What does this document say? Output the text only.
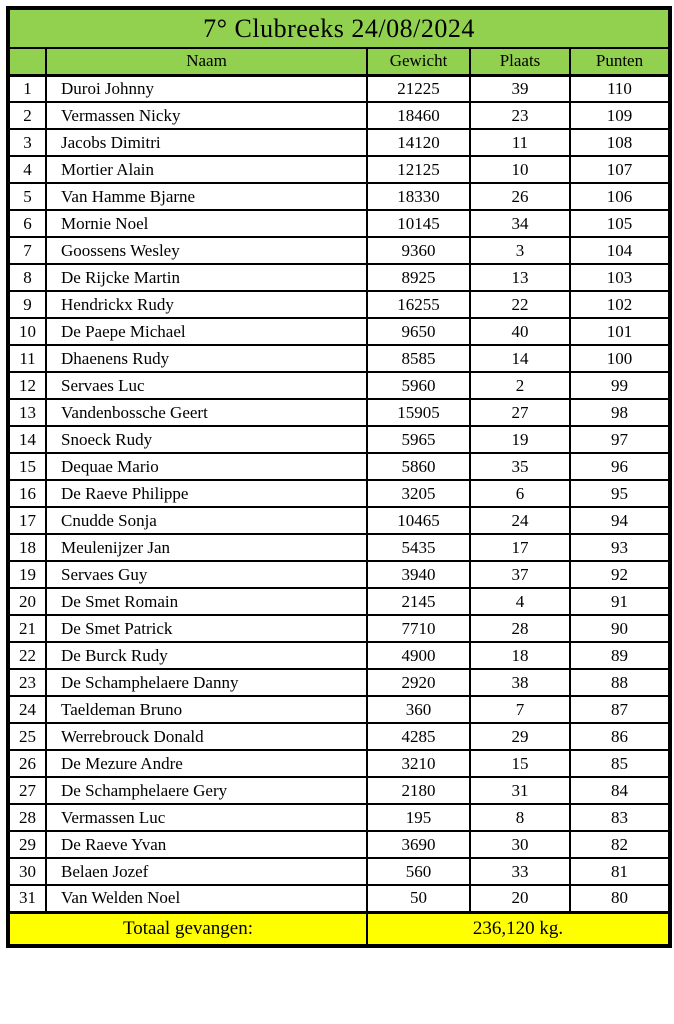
7° Clubreeks 24/08/2024				
	Naam	Gewicht	Plaats	Punten
1	Duroi Johnny	21225	39	110
2	Vermassen Nicky	18460	23	109
3	Jacobs Dimitri	14120	11	108
4	Mortier Alain	12125	10	107
5	Van Hamme Bjarne	18330	26	106
6	Mornie Noel	10145	34	105
7	Goossens Wesley	9360	3	104
8	De Rijcke Martin	8925	13	103
9	Hendrickx Rudy	16255	22	102
10	De Paepe Michael	9650	40	101
11	Dhaenens Rudy	8585	14	100
12	Servaes Luc	5960	2	99
13	Vandenbossche Geert	15905	27	98
14	Snoeck Rudy	5965	19	97
15	Dequae Mario	5860	35	96
16	De Raeve Philippe	3205	6	95
17	Cnudde Sonja	10465	24	94
18	Meulenijzer Jan	5435	17	93
19	Servaes Guy	3940	37	92
20	De Smet Romain	2145	4	91
21	De Smet Patrick	7710	28	90
22	De Burck Rudy	4900	18	89
23	De Schamphelaere Danny	2920	38	88
24	Taeldeman Bruno	360	7	87
25	Werrebrouck Donald	4285	29	86
26	De Mezure Andre	3210	15	85
27	De Schamphelaere Gery	2180	31	84
28	Vermassen Luc	195	8	83
29	De Raeve Yvan	3690	30	82
30	Belaen Jozef	560	33	81
31	Van Welden Noel	50	20	80
Totaal gevangen:		236,120 kg.		
